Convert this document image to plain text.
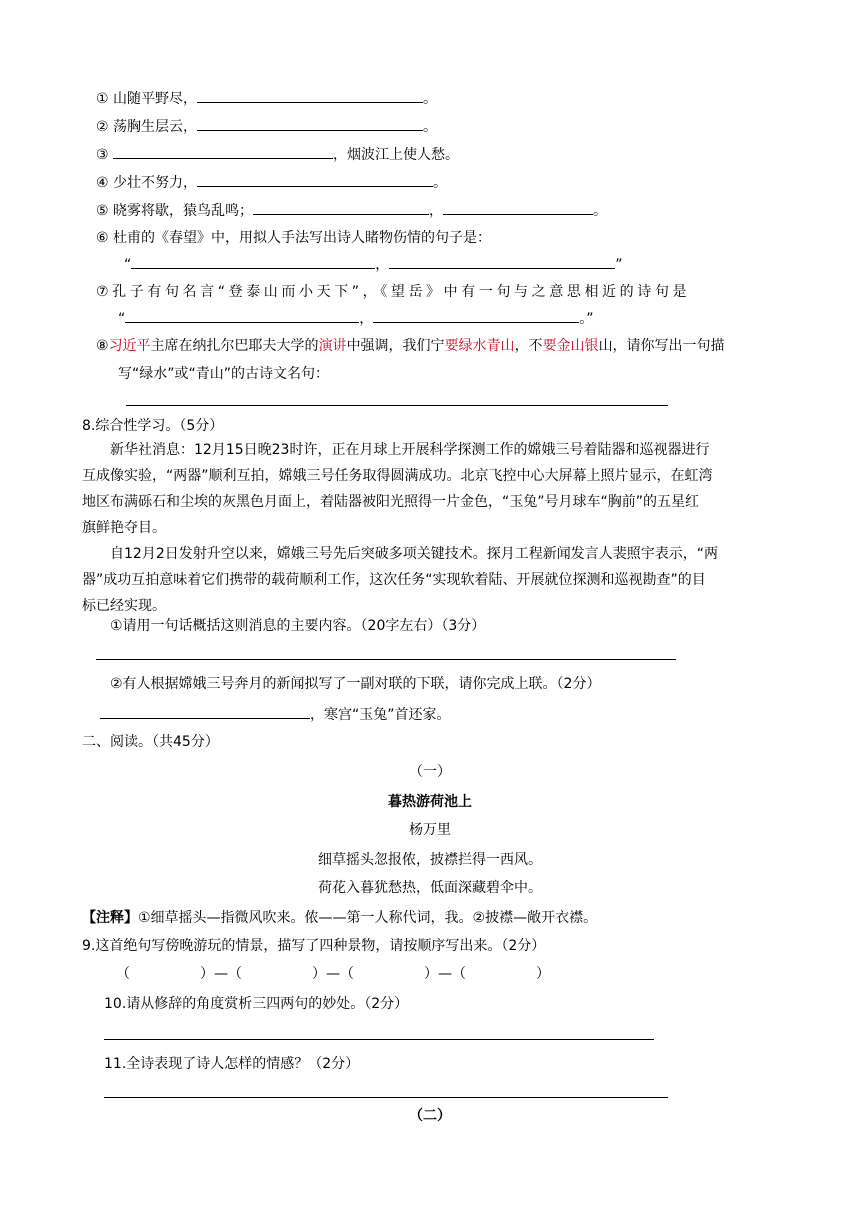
① 山随平野尽，	。
② 荡胸生层云，	。
③	，烟波江上使人愁。
④ 少壮不努力，	。
⑤ 晓雾将歇，猿鸟乱鸣；	，	。
⑥ 杜甫的《春望》中，用拟人手法写出诗人睹物伤情的句子是：
“	，	”
⑦孔子有句名言“登泰山而小天下”，《望岳》中有一句与之意思相近的诗句是
“	，	。”
⑧习近平主席在纳扎尔巴耶夫大学的演讲中强调，我们宁要绿水青山，不要金山银山，请你写出一句描
写“绿水”或“青山”的古诗文名句：
8.综合性学习。（5分）
新华社消息：12月15日晚23时许，正在月球上开展科学探测工作的嫦娥三号着陆器和巡视器进行
互成像实验，“两器”顺利互拍，嫦娥三号任务取得圆满成功。北京飞控中心大屏幕上照片显示，在虹湾
地区布满砾石和尘埃的灰黑色月面上，着陆器被阳光照得一片金色，“玉兔”号月球车“胸前”的五星红
旗鲜艳夺目。
自12月2日发射升空以来，嫦娥三号先后突破多项关键技术。探月工程新闻发言人裴照宇表示，“两
器”成功互拍意味着它们携带的载荷顺利工作，这次任务“实现软着陆、开展就位探测和巡视勘查”的目
标已经实现。
①请用一句话概括这则消息的主要内容。（20字左右）（3分）
②有人根据嫦娥三号奔月的新闻拟写了一副对联的下联，请你完成上联。（2分）
，寒宫“玉兔”首还家。
二、阅读。（共45分）
（一）
暮热游荷池上
杨万里
细草摇头忽报侬，披襟拦得一西风。
荷花入暮犹愁热，低面深藏碧伞中。
【注释】①细草摇头—指微风吹来。侬——第一人称代词，我。②披襟—敞开衣襟。
9.这首绝句写傍晚游玩的情景，描写了四种景物，请按顺序写出来。（2分）
（　　　　　）—（　　　　　）—（　　　　　）—（　　　　　）
10.请从修辞的角度赏析三四两句的妙处。（2分）
11.全诗表现了诗人怎样的情感？（2分）
（二）
